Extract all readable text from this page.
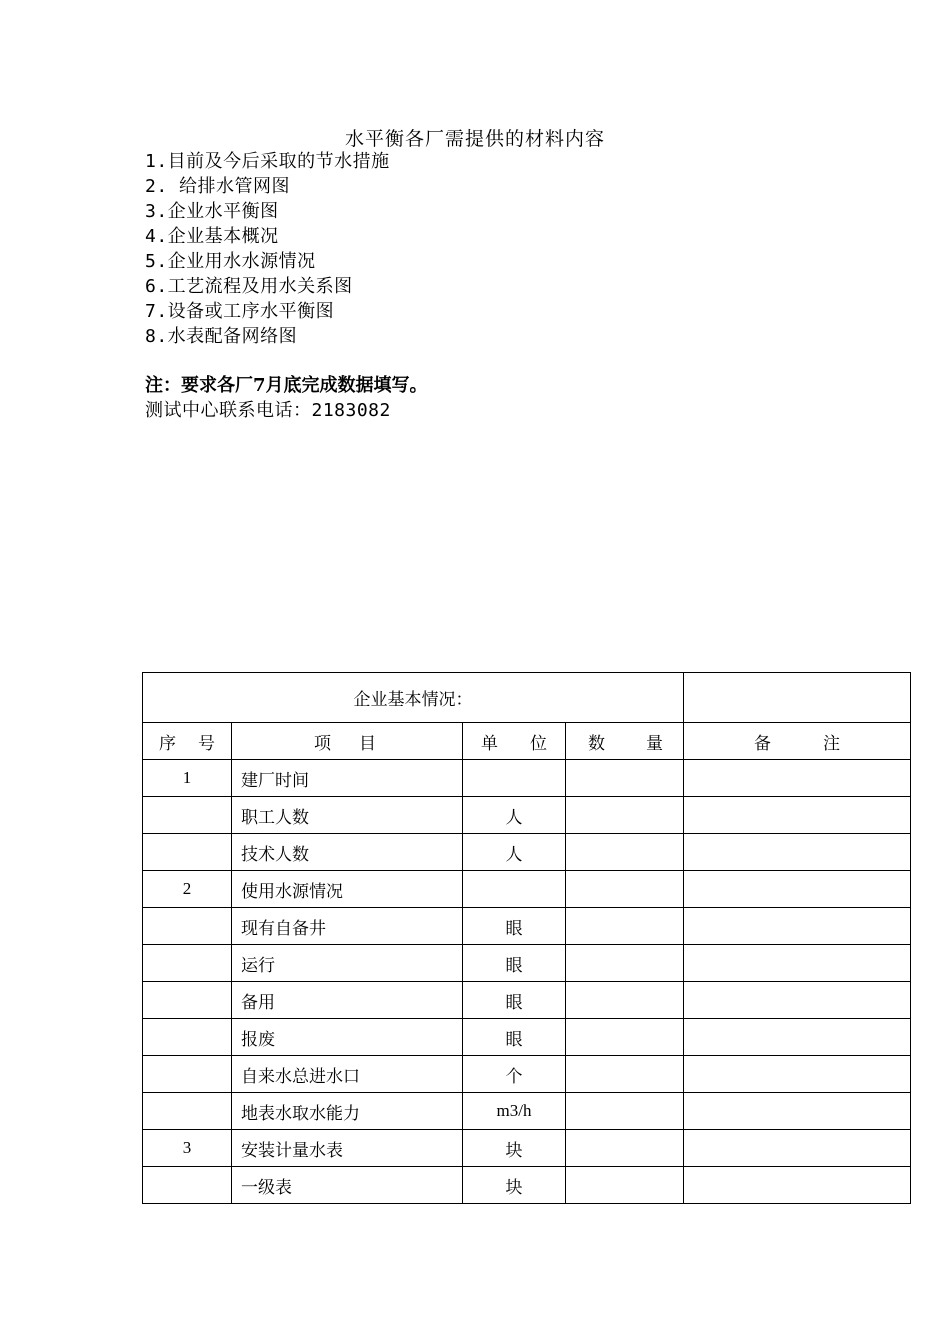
水平衡各厂需提供的材料内容
1.目前及今后采取的节水措施
2. 给排水管网图
3.企业水平衡图
4.企业基本概况
5.企业用水水源情况
6.工艺流程及用水关系图
7.设备或工序水平衡图
8.水表配备网络图
注：要求各厂7月底完成数据填写。
测试中心联系电话：2183082
企业基本情况：				

序 号	项 目	单 位	数 量	备 注

1	建厂时间			
	职工人数	人		
	技术人数	人		
2	使用水源情况			
	现有自备井	眼		
	运行	眼		
	备用	眼		
	报废	眼		
	自来水总进水口	个		
	地表水取水能力	m3/h		
3	安装计量水表	块		
	一级表	块		
